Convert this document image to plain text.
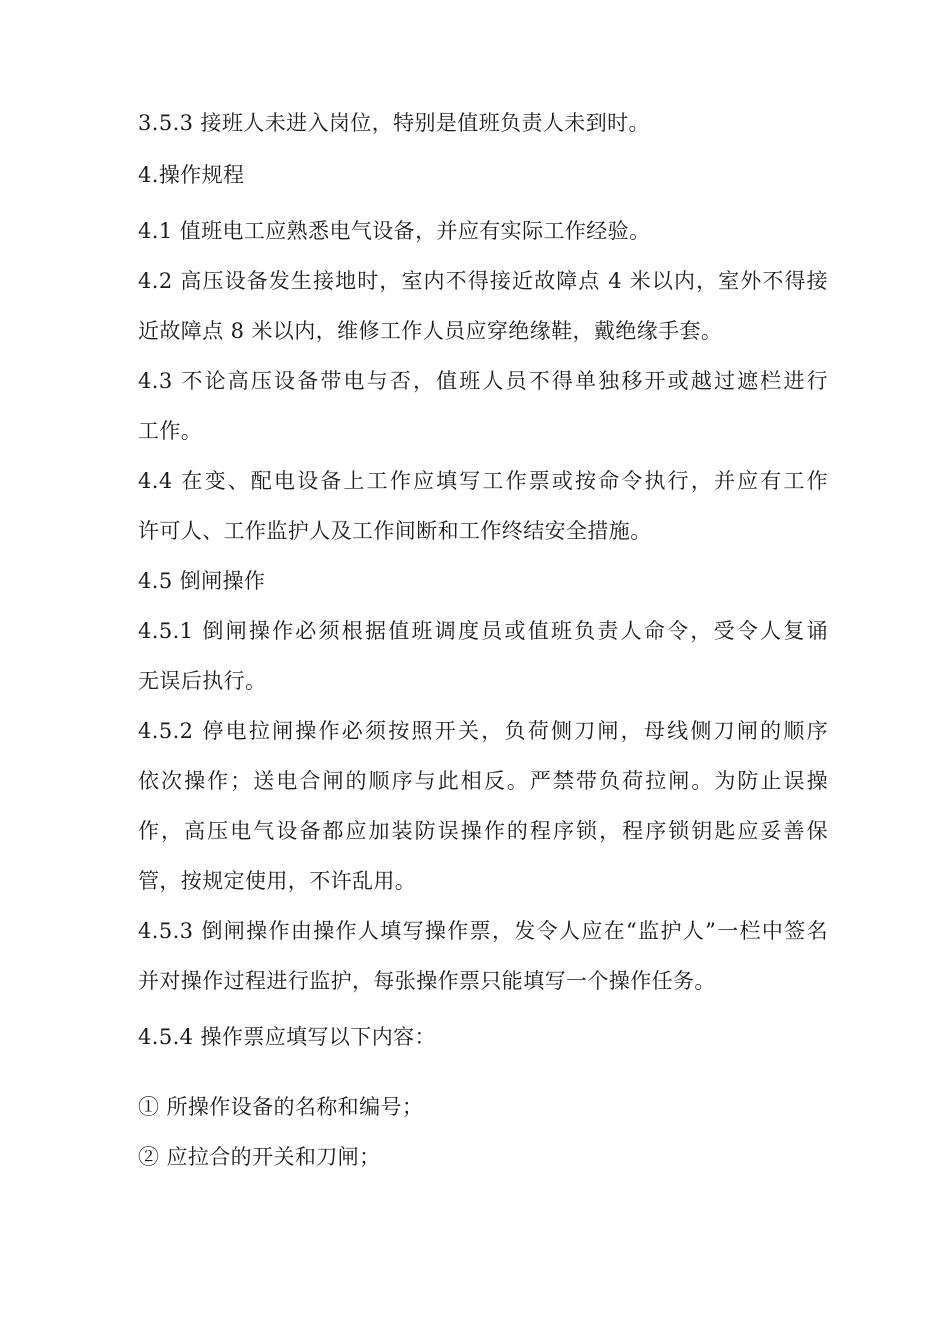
3.5.3 接班人未进入岗位，特别是值班负责人未到时。
4.操作规程
4.1 值班电工应熟悉电气设备，并应有实际工作经验。
4.2 高压设备发生接地时，室内不得接近故障点 4 米以内，室外不得接
近故障点 8 米以内，维修工作人员应穿绝缘鞋，戴绝缘手套。
4.3 不论高压设备带电与否，值班人员不得单独移开或越过遮栏进行
工作。
4.4 在变、配电设备上工作应填写工作票或按命令执行，并应有工作
许可人、工作监护人及工作间断和工作终结安全措施。
4.5 倒闸操作
4.5.1 倒闸操作必须根据值班调度员或值班负责人命令，受令人复诵
无误后执行。
4.5.2 停电拉闸操作必须按照开关，负荷侧刀闸，母线侧刀闸的顺序
依次操作；送电合闸的顺序与此相反。严禁带负荷拉闸。为防止误操
作，高压电气设备都应加装防误操作的程序锁，程序锁钥匙应妥善保
管，按规定使用，不许乱用。
4.5.3 倒闸操作由操作人填写操作票，发令人应在“监护人”一栏中签名
并对操作过程进行监护，每张操作票只能填写一个操作任务。
4.5.4 操作票应填写以下内容：
① 所操作设备的名称和编号；
② 应拉合的开关和刀闸；
